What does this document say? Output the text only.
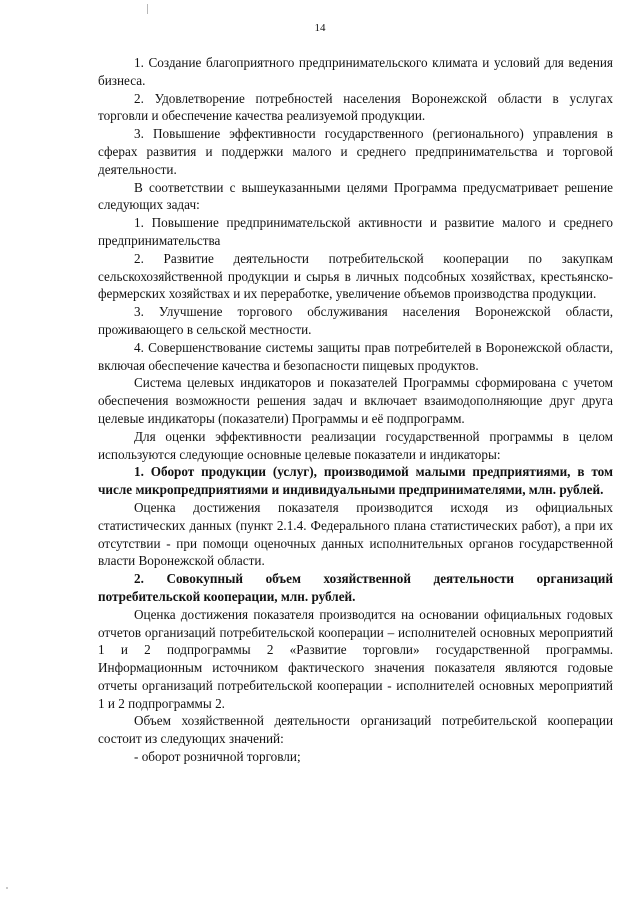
14

1. Создание благоприятного предпринимательского климата и условий для ведения бизнеса.

2. Удовлетворение потребностей населения Воронежской области в услугах торговли и обеспечение качества реализуемой продукции.

3. Повышение эффективности государственного (регионального) управления в сферах развития и поддержки малого и среднего предпринимательства и торговой деятельности.

В соответствии с вышеуказанными целями Программа предусматривает решение следующих задач:

1. Повышение предпринимательской активности и развитие малого и среднего предпринимательства

2. Развитие деятельности потребительской кооперации по закупкам сельскохозяйственной продукции и сырья в личных подсобных хозяйствах, крестьянско-фермерских хозяйствах и их переработке, увеличение объемов производства продукции.

3. Улучшение торгового обслуживания населения Воронежской области, проживающего в сельской местности.

4. Совершенствование системы защиты прав потребителей в Воронежской области, включая обеспечение качества и безопасности пищевых продуктов.

Система целевых индикаторов и показателей Программы сформирована с учетом обеспечения возможности решения задач и включает взаимодополняющие друг друга целевые индикаторы (показатели) Программы и её подпрограмм.

Для оценки эффективности реализации государственной программы в целом используются следующие основные целевые показатели и индикаторы:

1. Оборот продукции (услуг), производимой малыми предприятиями, в том числе микропредприятиями и индивидуальными предпринимателями, млн. рублей.

Оценка достижения показателя производится исходя из официальных статистических данных (пункт 2.1.4. Федерального плана статистических работ), а при их отсутствии - при помощи оценочных данных исполнительных органов государственной власти Воронежской области.

2. Совокупный объем хозяйственной деятельности организаций потребительской кооперации, млн. рублей.

Оценка достижения показателя производится на основании официальных годовых отчетов организаций потребительской кооперации – исполнителей основных мероприятий 1 и 2 подпрограммы 2 «Развитие торговли» государственной программы. Информационным источником фактического значения показателя являются годовые отчеты организаций потребительской кооперации - исполнителей основных мероприятий 1 и 2 подпрограммы 2.

Объем хозяйственной деятельности организаций потребительской кооперации состоит из следующих значений:

- оборот розничной торговли;
